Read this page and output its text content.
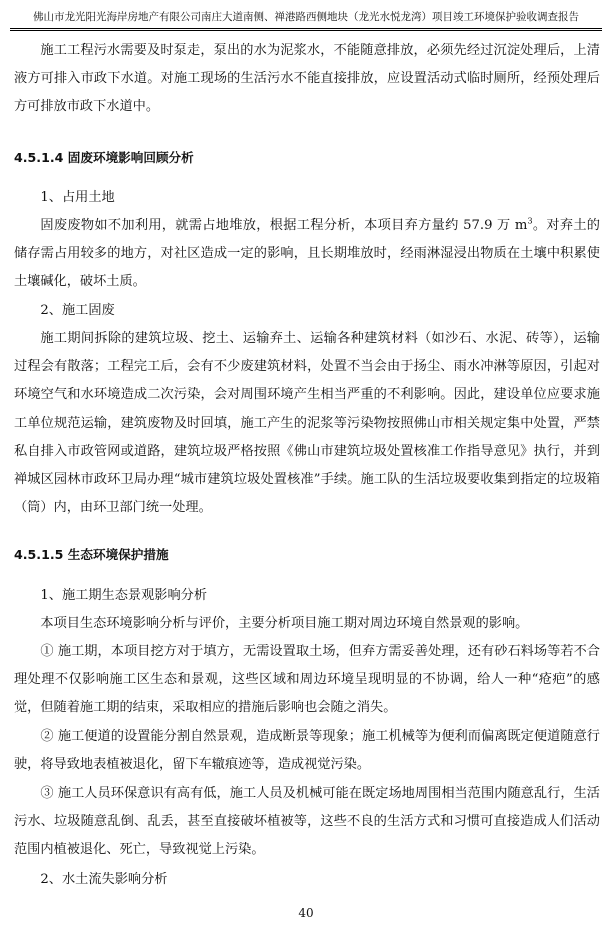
佛山市龙光阳光海岸房地产有限公司南庄大道南侧、禅港路西侧地块（龙光水悦龙湾）项目竣工环境保护验收调查报告

施工工程污水需要及时泵走，泵出的水为泥浆水，不能随意排放，必须先经过沉淀处理后，上清液方可排入市政下水道。对施工现场的生活污水不能直接排放，应设置活动式临时厕所，经预处理后方可排放市政下水道中。

4.5.1.4 固废环境影响回顾分析

1、占用土地

固废废物如不加利用，就需占地堆放，根据工程分析，本项目弃方量约 57.9 万 $m^3$。对弃土的储存需占用较多的地方，对社区造成一定的影响，且长期堆放时，经雨淋湿浸出物质在土壤中积累使土壤碱化，破坏土质。

2、施工固废

施工期间拆除的建筑垃圾、挖土、运输弃土、运输各种建筑材料（如沙石、水泥、砖等），运输过程会有散落；工程完工后，会有不少废建筑材料，处置不当会由于扬尘、雨水冲淋等原因，引起对环境空气和水环境造成二次污染，会对周围环境产生相当严重的不利影响。因此，建设单位应要求施工单位规范运输，建筑废物及时回填，施工产生的泥浆等污染物按照佛山市相关规定集中处置，严禁私自排入市政管网或道路，建筑垃圾严格按照《佛山市建筑垃圾处置核准工作指导意见》执行，并到禅城区园林市政环卫局办理“城市建筑垃圾处置核准”手续。施工队的生活垃圾要收集到指定的垃圾箱（筒）内，由环卫部门统一处理。

4.5.1.5 生态环境保护措施

1、施工期生态景观影响分析

本项目生态环境影响分析与评价，主要分析项目施工期对周边环境自然景观的影响。

① 施工期，本项目挖方对于填方，无需设置取土场，但弃方需妥善处理，还有砂石料场等若不合理处理不仅影响施工区生态和景观，这些区域和周边环境呈现明显的不协调，给人一种“疮疤”的感觉，但随着施工期的结束，采取相应的措施后影响也会随之消失。

② 施工便道的设置能分割自然景观，造成断景等现象；施工机械等为便利而偏离既定便道随意行驶，将导致地表植被退化，留下车辙痕迹等，造成视觉污染。

③ 施工人员环保意识有高有低，施工人员及机械可能在既定场地周围相当范围内随意乱行，生活污水、垃圾随意乱倒、乱丢，甚至直接破坏植被等，这些不良的生活方式和习惯可直接造成人们活动范围内植被退化、死亡，导致视觉上污染。

2、水土流失影响分析

40
